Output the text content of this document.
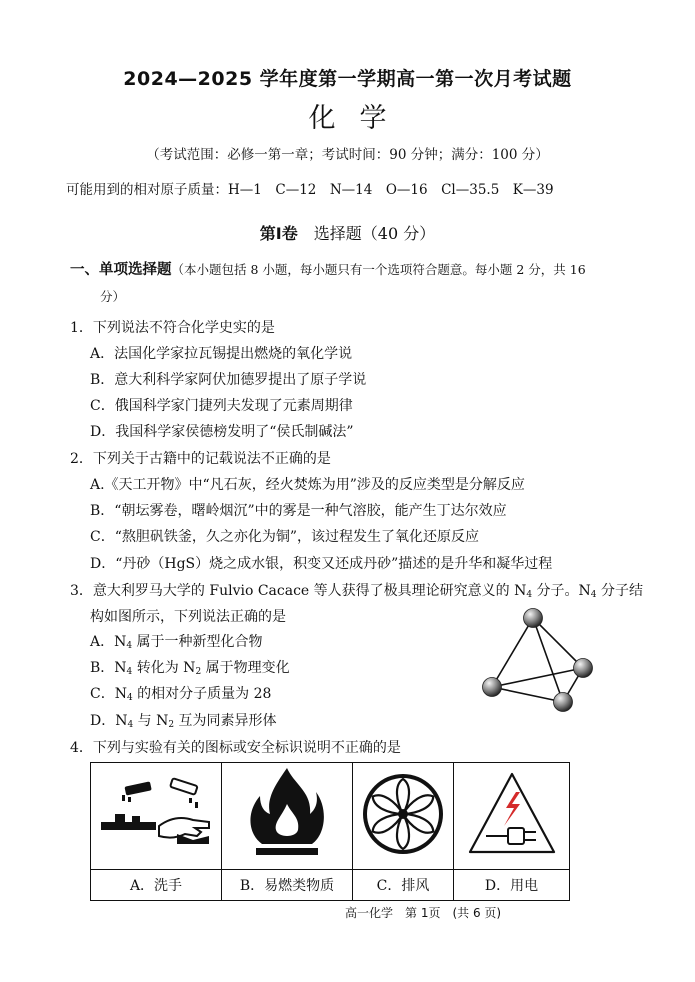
2024—2025 学年度第一学期高一第一次月考试题
化学
（考试范围：必修一第一章；考试时间：90 分钟；满分：100 分）
可能用到的相对原子质量：H—1　C—12　N—14　O—16　Cl—35.5　K—39
第Ⅰ卷　 选择题（40 分）
一、单项选择题（本小题包括 8 小题，每小题只有一个选项符合题意。每小题 2 分，共 16
分）
1．下列说法不符合化学史实的是
A．法国化学家拉瓦锡提出燃烧的氧化学说
B．意大利科学家阿伏加德罗提出了原子学说
C．俄国科学家门捷列夫发现了元素周期律
D．我国科学家侯德榜发明了“侯氏制碱法”
2．下列关于古籍中的记载说法不正确的是
A.《天工开物》中“凡石灰，经火焚炼为用”涉及的反应类型是分解反应
B．“朝坛雾卷，曙岭烟沉”中的雾是一种气溶胶，能产生丁达尔效应
C．“熬胆矾铁釜，久之亦化为铜”，该过程发生了氧化还原反应
D．“丹砂（HgS）烧之成水银，积变又还成丹砂”描述的是升华和凝华过程
3．意大利罗马大学的 Fulvio Cacace 等人获得了极具理论研究意义的 $N_4$ 分子。$N_4$ 分子结
构如图所示，下列说法正确的是
A．$N_4$ 属于一种新型化合物
B．$N_4$ 转化为 $N_2$ 属于物理变化
C．$N_4$ 的相对分子质量为 28
D．$N_4$ 与 $N_2$ 互为同素异形体
4．下列与实验有关的图标或安全标识说明不正确的是

A．洗手	B．易燃类物质	C．排风	D．用电
高一化学　第 1页　(共 6 页)
